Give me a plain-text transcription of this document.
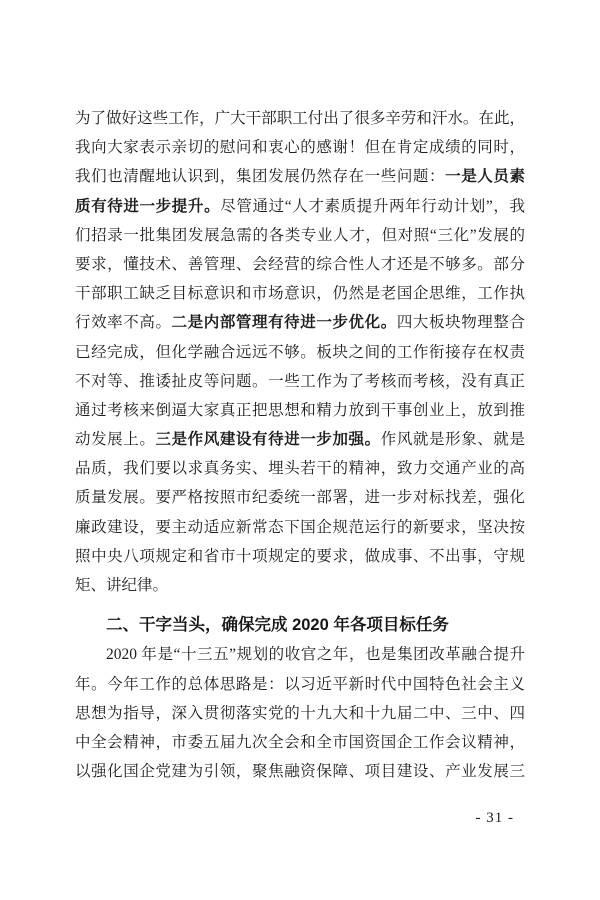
为了做好这些工作，广大干部职工付出了很多辛劳和汗水。在此，
我向大家表示亲切的慰问和衷心的感谢！但在肯定成绩的同时，
我们也清醒地认识到，集团发展仍然存在一些问题：一是人员素
质有待进一步提升。尽管通过“人才素质提升两年行动计划”，我
们招录一批集团发展急需的各类专业人才，但对照“三化”发展的
要求，懂技术、善管理、会经营的综合性人才还是不够多。部分
干部职工缺乏目标意识和市场意识，仍然是老国企思维，工作执
行效率不高。二是内部管理有待进一步优化。四大板块物理整合
已经完成，但化学融合远远不够。板块之间的工作衔接存在权责
不对等、推诿扯皮等问题。一些工作为了考核而考核，没有真正
通过考核来倒逼大家真正把思想和精力放到干事创业上，放到推
动发展上。三是作风建设有待进一步加强。作风就是形象、就是
品质，我们要以求真务实、埋头若干的精神，致力交通产业的高
质量发展。要严格按照市纪委统一部署，进一步对标找差，强化
廉政建设，要主动适应新常态下国企规范运行的新要求，坚决按
照中央八项规定和省市十项规定的要求，做成事、不出事，守规
矩、讲纪律。
二、干字当头，确保完成 2020 年各项目标任务
2020 年是“十三五”规划的收官之年，也是集团改革融合提升
年。今年工作的总体思路是：以习近平新时代中国特色社会主义
思想为指导，深入贯彻落实党的十九大和十九届二中、三中、四
中全会精神，市委五届九次全会和全市国资国企工作会议精神，
以强化国企党建为引领，聚焦融资保障、项目建设、产业发展三
- 31 -
